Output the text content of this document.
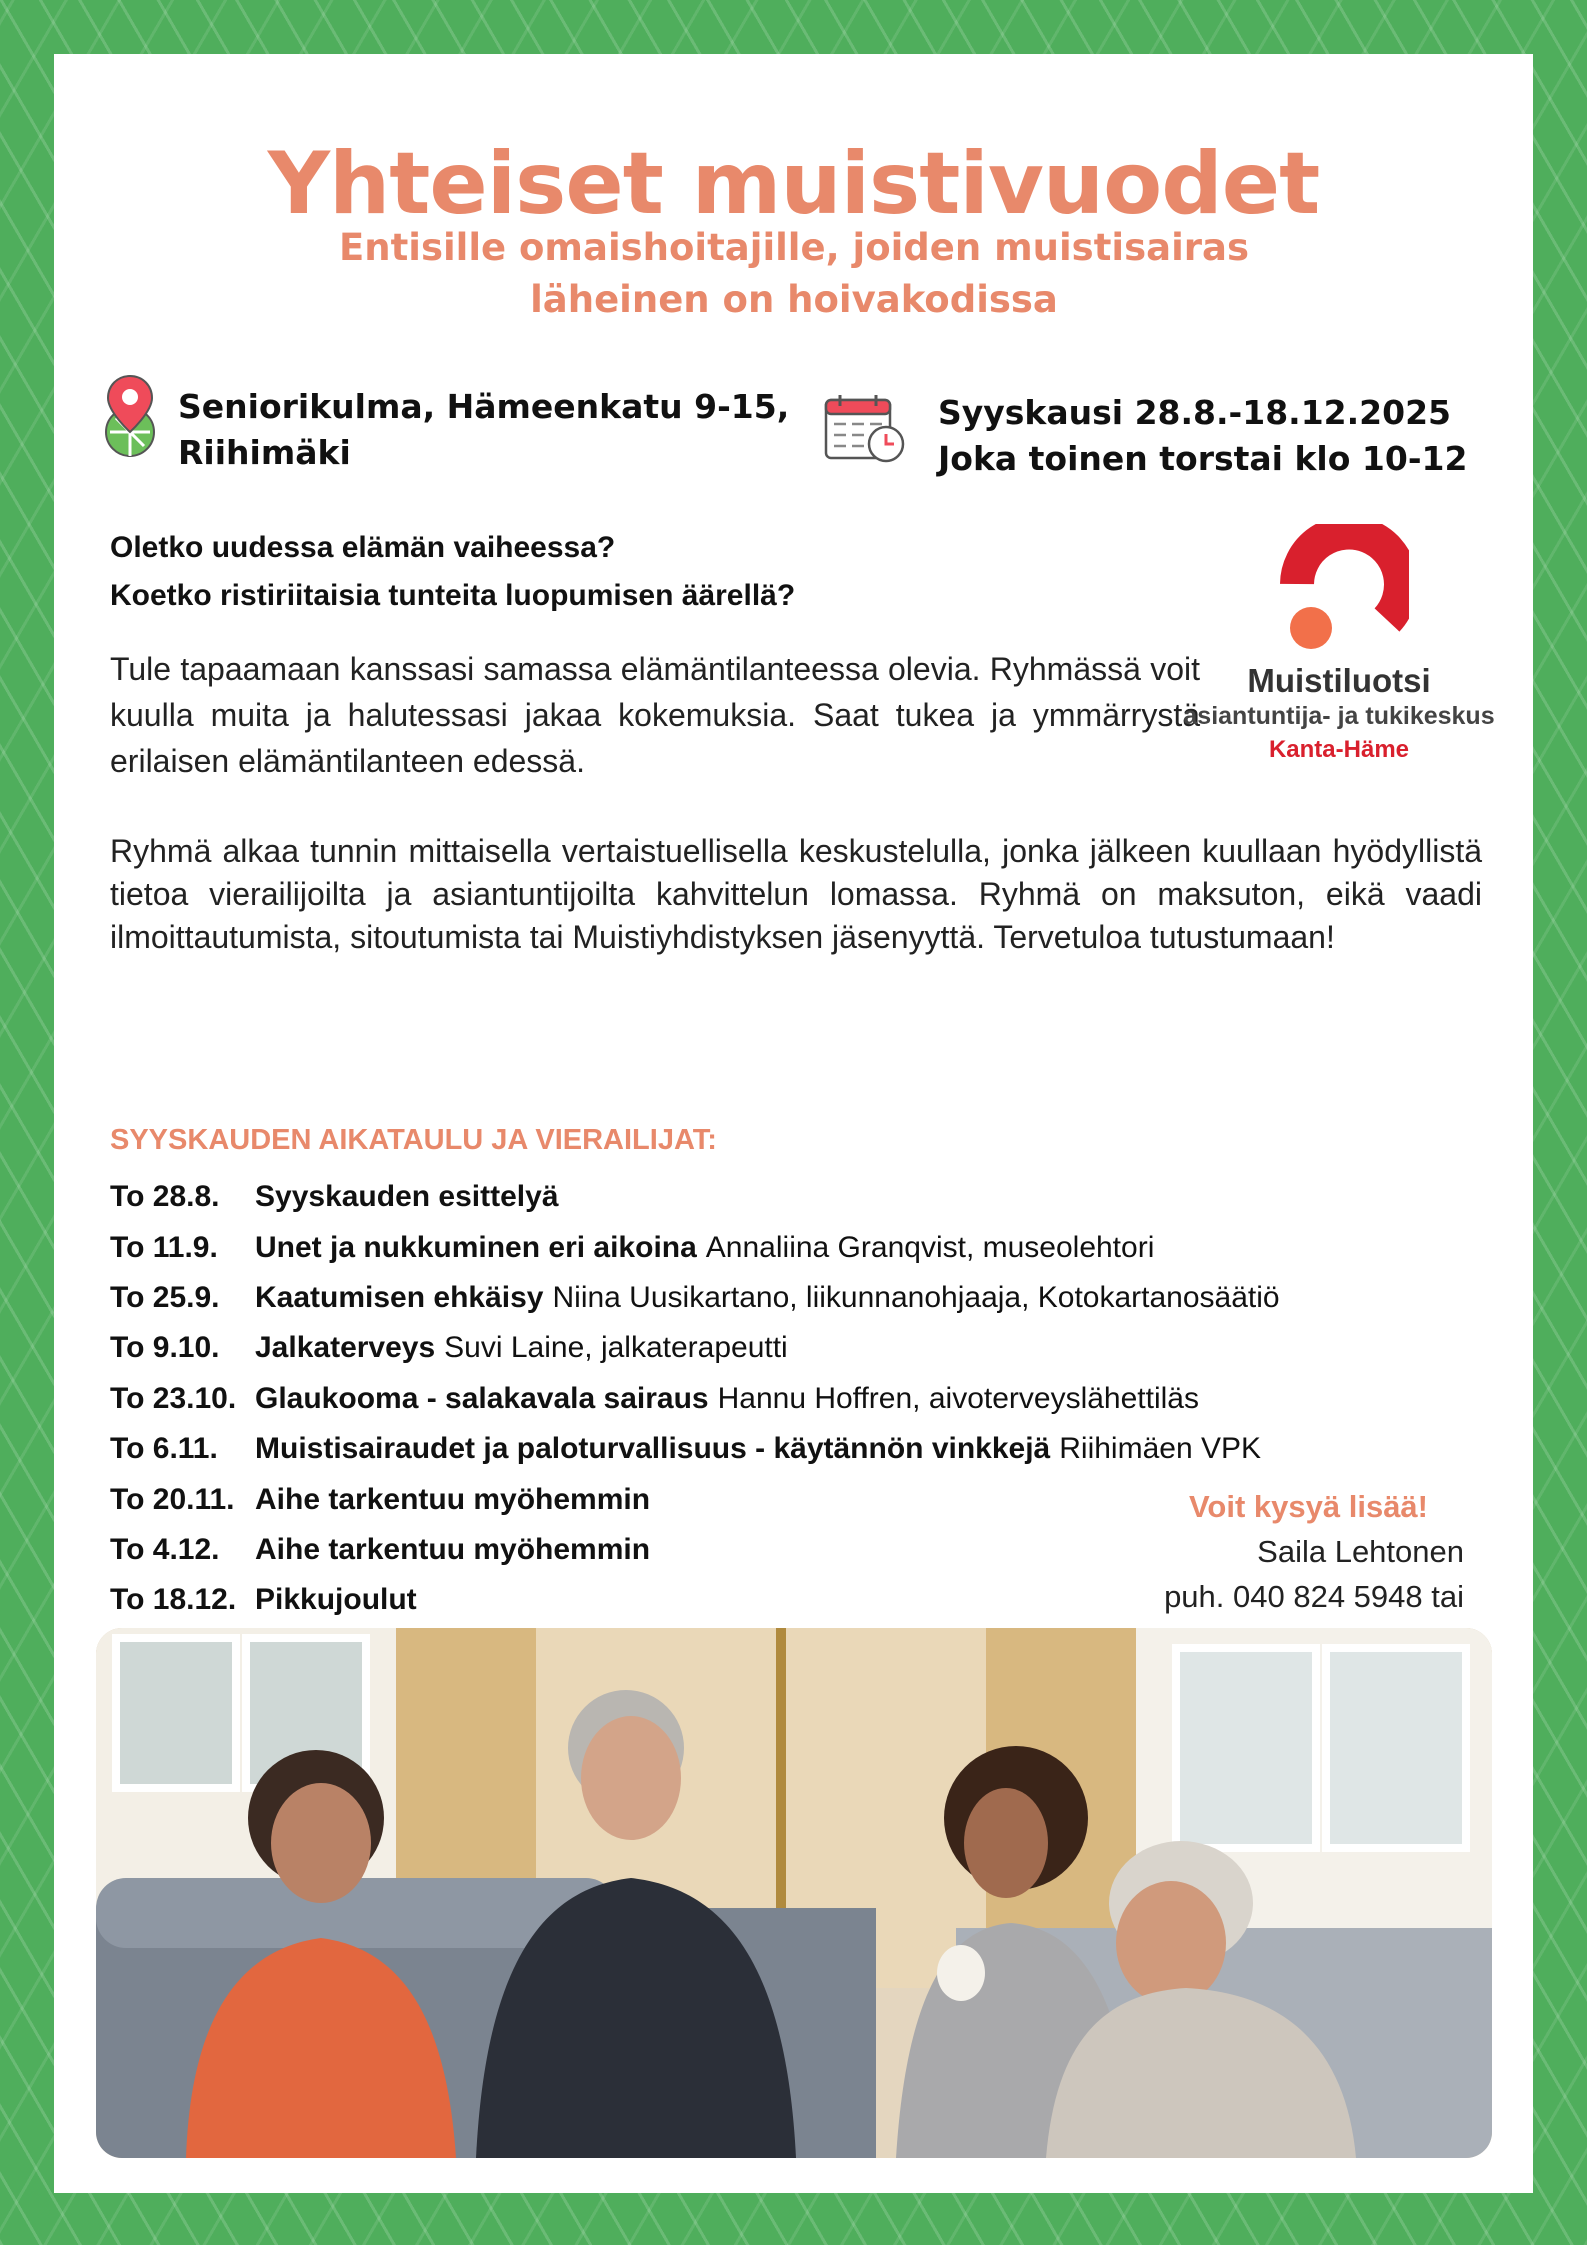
Yhteiset muistivuodet
Entisille omaishoitajille, joiden muistisairas
läheinen on hoivakodissa
Seniorikulma, Hämeenkatu 9-15,
Riihimäki
Syyskausi 28.8.-18.12.2025
Joka toinen torstai klo 10-12
Oletko uudessa elämän vaiheessa?
Koetko ristiriitaisia tunteita luopumisen äärellä?
Tule tapaamaan kanssasi samassa elämäntilanteessa olevia. Ryhmässä voit kuulla muita ja halutessasi jakaa kokemuksia. Saat tukea ja ymmärrystä erilaisen elämäntilanteen edessä.
Ryhmä alkaa tunnin mittaisella vertaistuellisella keskustelulla, jonka jälkeen kuullaan hyödyllistä tietoa vierailijoilta ja asiantuntijoilta kahvittelun lomassa. Ryhmä on maksuton, eikä vaadi ilmoittautumista, sitoutumista tai Muistiyhdistyksen jäsenyyttä. Tervetuloa tutustumaan!
Muistiluotsi
asiantuntija- ja tukikeskus
Kanta-Häme
SYYSKAUDEN AIKATAULU JA VIERAILIJAT:
To 28.8.	Syyskauden esittelyä
To 11.9.	Unet ja nukkuminen eri aikoina Annaliina Granqvist, museolehtori
To 25.9.	Kaatumisen ehkäisy Niina Uusikartano, liikunnanohjaaja, Kotokartanosäätiö
To 9.10.	Jalkaterveys Suvi Laine, jalkaterapeutti
To 23.10. Glaukooma - salakavala sairaus Hannu Hoffren, aivoterveyslähettiläs
To 6.11.	Muistisairaudet ja paloturvallisuus - käytännön vinkkejä Riihimäen VPK
To 20.11. Aihe tarkentuu myöhemmin
To 4.12.	Aihe tarkentuu myöhemmin
To 18.12. Pikkujoulut
Voit kysyä lisää!
Saila Lehtonen
puh. 040 824 5948 tai
